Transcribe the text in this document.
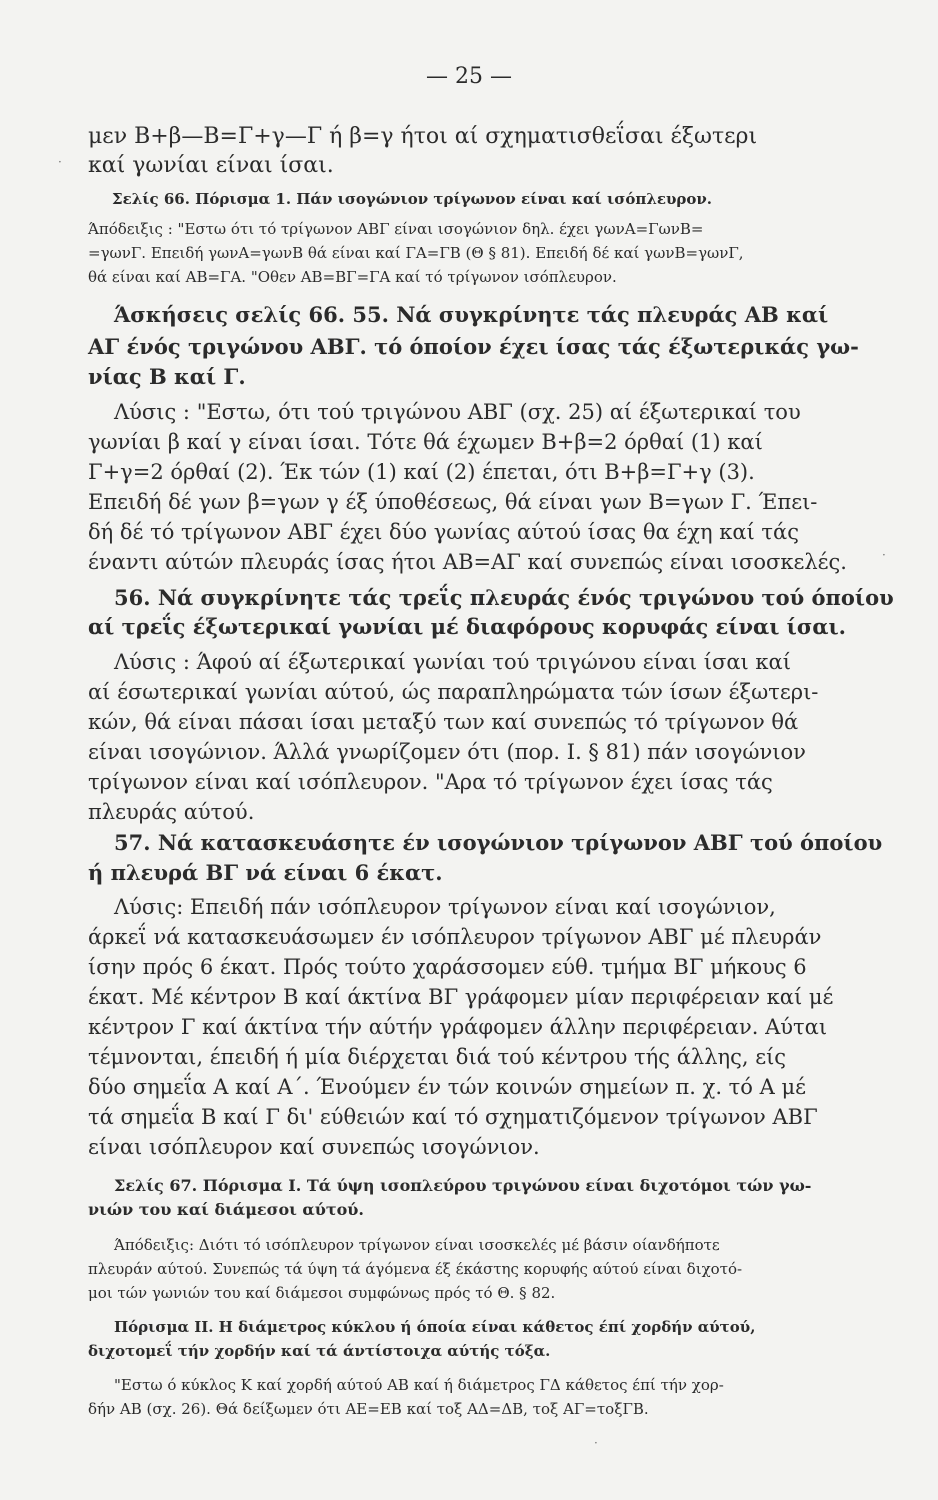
— 25 —
μεν Β+β—Β=Γ+γ—Γ ή β=γ ήτοι αί σχηματισθεΐσαι έξωτερι
καί γωνίαι είναι ίσαι.
Σελίς 66. Πόρισμα 1. Πάν ισογώνιον τρίγωνον είναι καί ισόπλευρον.
Άπόδειξις : "Εστω ότι τό τρίγωνον ΑΒΓ είναι ισογώνιον δηλ. έχει γωνΑ=ΓωνΒ=
=γωνΓ. Επειδή γωνΑ=γωνΒ θά είναι καί ΓΑ=ΓΒ (Θ § 81). Επειδή δέ καί γωνΒ=γωνΓ,
θά είναι καί ΑΒ=ΓΑ. "Οθεν ΑΒ=ΒΓ=ΓΑ καί τό τρίγωνον ισόπλευρον.
Άσκήσεις σελίς 66. 55. Νά συγκρίνητε τάς πλευράς ΑΒ καί
ΑΓ ένός τριγώνου ΑΒΓ. τό όποίον έχει ίσας τάς έξωτερικάς γω-
νίας Β καί Γ.
Λύσις : "Εστω, ότι τού τριγώνου ΑΒΓ (σχ. 25) αί έξωτερικαί του
γωνίαι β καί γ είναι ίσαι. Τότε θά έχωμεν Β+β=2 όρθαί (1) καί
Γ+γ=2 όρθαί (2). Έκ τών (1) καί (2) έπεται, ότι Β+β=Γ+γ (3).
Επειδή δέ γων β=γων γ έξ ύποθέσεως, θά είναι γων Β=γων Γ. Έπει-
δή δέ τό τρίγωνον ΑΒΓ έχει δύο γωνίας αύτού ίσας θα έχη καί τάς
έναντι αύτών πλευράς ίσας ήτοι ΑΒ=ΑΓ καί συνεπώς είναι ισοσκελές.
56. Νά συγκρίνητε τάς τρεΐς πλευράς ένός τριγώνου τού όποίου
αί τρεΐς έξωτερικαί γωνίαι μέ διαφόρους κορυφάς είναι ίσαι.
Λύσις : Άφού αί έξωτερικαί γωνίαι τού τριγώνου είναι ίσαι καί
αί έσωτερικαί γωνίαι αύτού, ώς παραπληρώματα τών ίσων έξωτερι-
κών, θά είναι πάσαι ίσαι μεταξύ των καί συνεπώς τό τρίγωνον θά
είναι ισογώνιον. Άλλά γνωρίζομεν ότι (πορ. Ι. § 81) πάν ισογώνιον
τρίγωνον είναι καί ισόπλευρον. "Αρα τό τρίγωνον έχει ίσας τάς
πλευράς αύτού.
57. Νά κατασκευάσητε έν ισογώνιον τρίγωνον ΑΒΓ τού όποίου
ή πλευρά ΒΓ νά είναι 6 έκατ.
Λύσις: Επειδή πάν ισόπλευρον τρίγωνον είναι καί ισογώνιον,
άρκεΐ νά κατασκευάσωμεν έν ισόπλευρον τρίγωνον ΑΒΓ μέ πλευράν
ίσην πρός 6 έκατ. Πρός τούτο χαράσσομεν εύθ. τμήμα ΒΓ μήκους 6
έκατ. Μέ κέντρον Β καί άκτίνα ΒΓ γράφομεν μίαν περιφέρειαν καί μέ
κέντρον Γ καί άκτίνα τήν αύτήν γράφομεν άλλην περιφέρειαν. Αύται
τέμνονται, έπειδή ή μία διέρχεται διά τού κέντρου τής άλλης, είς
δύο σημεΐα Α καί Α΄. Ένούμεν έν τών κοινών σημείων π. χ. τό Α μέ
τά σημεΐα Β καί Γ δι' εύθειών καί τό σχηματιζόμενον τρίγωνον ΑΒΓ
είναι ισόπλευρον καί συνεπώς ισογώνιον.
Σελίς 67. Πόρισμα Ι. Τά ύψη ισοπλεύρου τριγώνου είναι διχοτόμοι τών γω-
νιών του καί διάμεσοι αύτού.
Άπόδειξις: Διότι τό ισόπλευρον τρίγωνον είναι ισοσκελές μέ βάσιν οίανδήποτε
πλευράν αύτού. Συνεπώς τά ύψη τά άγόμενα έξ έκάστης κορυφής αύτού είναι διχοτό-
μοι τών γωνιών του καί διάμεσοι συμφώνως πρός τό Θ. § 82.
Πόρισμα ΙΙ. Η διάμετρος κύκλου ή όποία είναι κάθετος έπί χορδήν αύτού,
διχοτομεΐ τήν χορδήν καί τά άντίστοιχα αύτής τόξα.
"Εστω ό κύκλος Κ καί χορδή αύτού ΑΒ καί ή διάμετρος ΓΔ κάθετος έπί τήν χορ-
δήν ΑΒ (σχ. 26). Θά δείξωμεν ότι ΑΕ=ΕΒ καί τοξ ΑΔ=ΔΒ, τοξ ΑΓ=τοξΓΒ.
·
·
·
